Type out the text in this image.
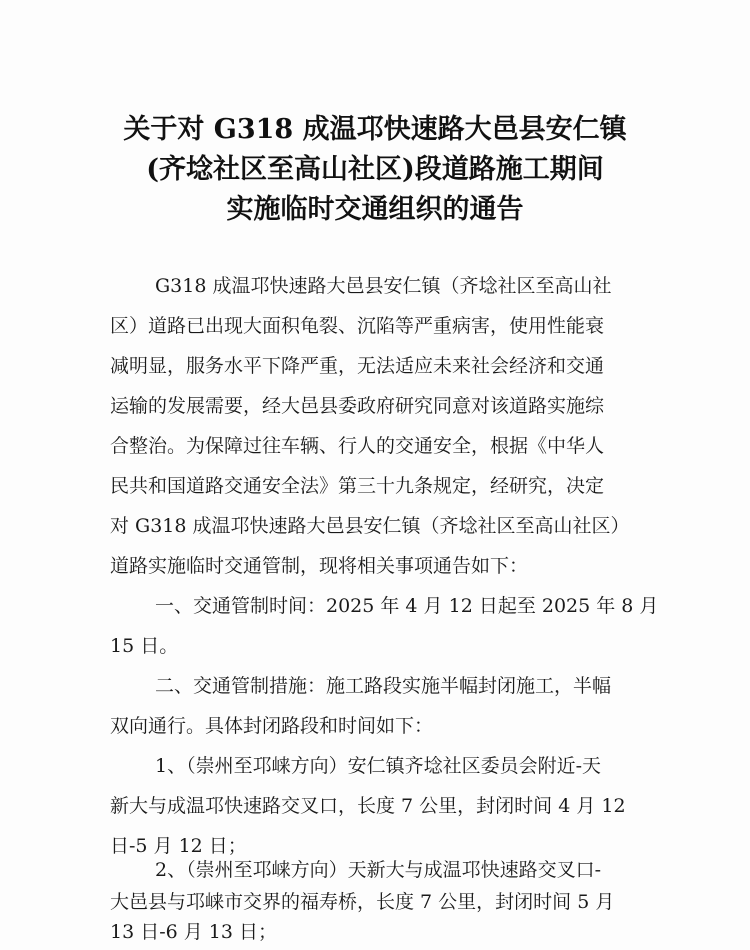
关于对 G318 成温邛快速路大邑县安仁镇
(齐埝社区至高山社区)段道路施工期间
实施临时交通组织的通告
G318 成温邛快速路大邑县安仁镇（齐埝社区至高山社
区）道路已出现大面积龟裂、沉陷等严重病害，使用性能衰
减明显，服务水平下降严重，无法适应未来社会经济和交通
运输的发展需要，经大邑县委政府研究同意对该道路实施综
合整治。为保障过往车辆、行人的交通安全，根据《中华人
民共和国道路交通安全法》第三十九条规定，经研究，决定
对 G318 成温邛快速路大邑县安仁镇（齐埝社区至高山社区）
道路实施临时交通管制，现将相关事项通告如下：
一、交通管制时间：2025 年 4 月 12 日起至 2025 年 8 月
15 日。
二、交通管制措施：施工路段实施半幅封闭施工，半幅
双向通行。具体封闭路段和时间如下：
1、（崇州至邛崃方向）安仁镇齐埝社区委员会附近-天
新大与成温邛快速路交叉口，长度 7 公里，封闭时间 4 月 12
日-5 月 12 日；
2、（崇州至邛崃方向）天新大与成温邛快速路交叉口-
大邑县与邛崃市交界的福寿桥，长度 7 公里，封闭时间 5 月
13 日-6 月 13 日；
